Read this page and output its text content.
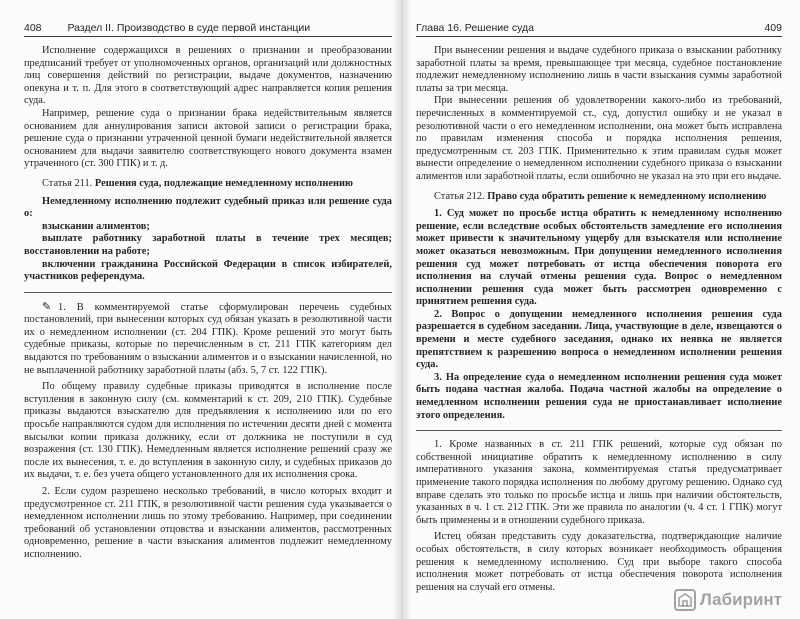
408 Раздел II. Производство в суде первой инстанции

Исполнение содержащихся в решениях о признании и преобразовании предписаний требует от уполномоченных органов, организаций или должностных лиц совершения действий по регистрации, выдаче документов, назначению опекуна и т. п. Для этого в соответствующий адрес направляется копия решения суда.

Например, решение суда о признании брака недействительным является основанием для аннулирования записи актовой записи о регистрации брака, решение суда о признании утраченной ценной бумаги недействительной является основанием для выдачи заявителю соответствующего нового документа взамен утраченного (ст. 300 ГПК) и т. д.

Статья 211. Решения суда, подлежащие немедленному исполнению

Немедленному исполнению подлежит судебный приказ или решение суда о:

взыскании алиментов;

выплате работнику заработной платы в течение трех месяцев; восстановлении на работе;

включении гражданина Российской Федерации в список избирателей, участников референдума.

✎ 1. В комментируемой статье сформулирован перечень судебных постановлений, при вынесении которых суд обязан указать в резолютивной части их о немедленном исполнении (ст. 204 ГПК). Кроме решений это могут быть судебные приказы, которые по перечисленным в ст. 211 ГПК категориям дел выдаются по требованиям о взыскании алиментов и о взыскании начисленной, но не выплаченной работнику заработной платы (абз. 5, 7 ст. 122 ГПК).

По общему правилу судебные приказы приводятся в исполнение после вступления в законную силу (см. комментарий к ст. 209, 210 ГПК). Судебные приказы выдаются взыскателю для предъявления к исполнению или по его просьбе направляются судом для исполнения по истечении десяти дней с момента высылки копии приказа должнику, если от должника не поступили в суд возражения (ст. 130 ГПК). Немедленным является исполнение решений сразу же после их вынесения, т. е. до вступления в законную силу, и судебных приказов до их выдачи, т. е. без учета общего установленного для их исполнения срока.

2. Если судом разрешено несколько требований, в число которых входит и предусмотренное ст. 211 ГПК, в резолютивной части решения суда указывается о немедленном исполнении лишь по этому требованию. Например, при соединении требований об установлении отцовства и взыскании алиментов, рассмотренных одновременно, решение в части взыскания алиментов подлежит немедленному исполнению.

Глава 16. Решение суда	409

При вынесении решения и выдаче судебного приказа о взыскании работнику заработной платы за время, превышающее три месяца, судебное постановление подлежит немедленному исполнению лишь в части взыскания суммы заработной платы за три месяца.

При вынесении решения об удовлетворении какого-либо из требований, перечисленных в комментируемой ст., суд, допустил ошибку и не указал в резолютивной части о его немедленном исполнении, она может быть исправлена по правилам изменения способа и порядка исполнения решения, предусмотренным ст. 203 ГПК. Применительно к этим правилам судья может вынести определение о немедленном исполнении судебного приказа о взыскании алиментов или заработной платы, если ошибочно не указал на это при его выдаче.

Статья 212. Право суда обратить решение к немедленному исполнению

1. Суд может по просьбе истца обратить к немедленному исполнению решение, если вследствие особых обстоятельств замедление его исполнения может привести к значительному ущербу для взыскателя или исполнение может оказаться невозможным. При допущении немедленного исполнения решения суд может потребовать от истца обеспечения поворота его исполнения на случай отмены решения суда. Вопрос о немедленном исполнении решения суда может быть рассмотрен одновременно с принятием решения суда.

2. Вопрос о допущении немедленного исполнения решения суда разрешается в судебном заседании. Лица, участвующие в деле, извещаются о времени и месте судебного заседания, однако их неявка не является препятствием к разрешению вопроса о немедленном исполнении решения суда.

3. На определение суда о немедленном исполнении решения суда может быть подана частная жалоба. Подача частной жалобы на определение о немедленном исполнении решения суда не приостанавливает исполнение этого определения.

1. Кроме названных в ст. 211 ГПК решений, которые суд обязан по собственной инициативе обратить к немедленному исполнению в силу императивного указания закона, комментируемая статья предусматривает применение такого порядка исполнения по любому другому решению. Однако суд вправе сделать это только по просьбе истца и лишь при наличии обстоятельств, указанных в ч. 1 ст. 212 ГПК. Эти же правила по аналогии (ч. 4 ст. 1 ГПК) могут быть применены и в отношении судебного приказа.

Истец обязан представить суду доказательства, подтверждающие наличие особых обстоятельств, в силу которых возникает необходимость обращения решения к немедленному исполнению. Суд при выборе такого способа исполнения может потребовать от истца обеспечения поворота исполнения решения на случай его отмены.

Лабиринт
